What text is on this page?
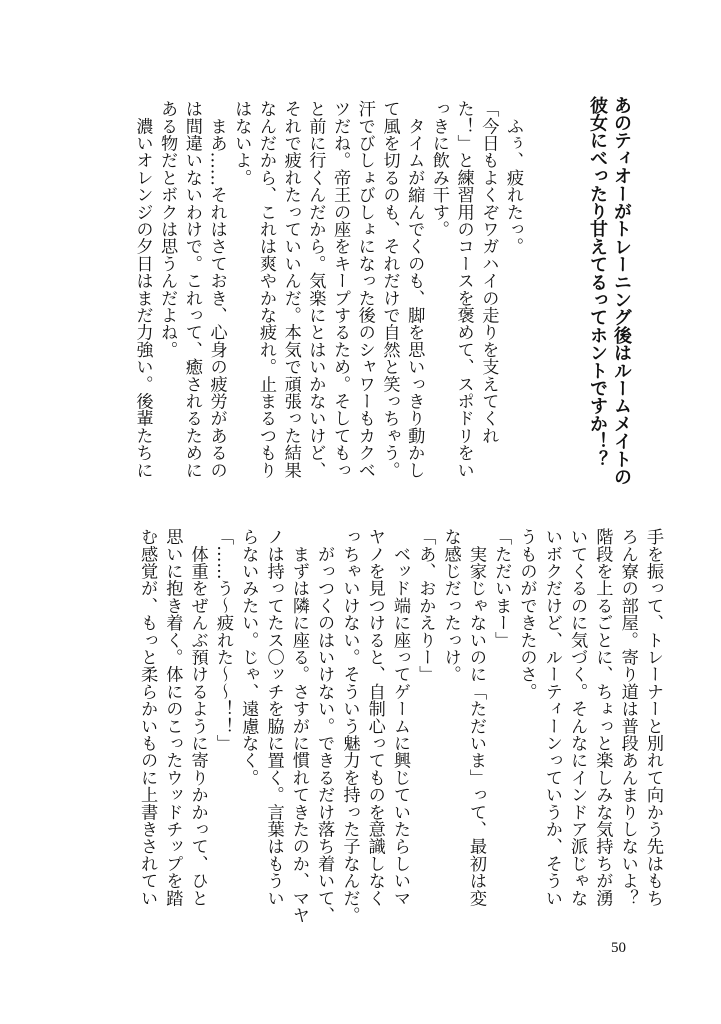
あのティオーがトレーニング後はルームメイトの
彼女にべったり甘えてるってホントですか！？
　ふぅ、疲れたっ。
「今日もよくぞワガハイの走りを支えてくれ
た！」と練習用のコースを褒めて、スポドリをい
っきに飲み干す。
　タイムが縮んでくのも、脚を思いっきり動かし
て風を切るのも、それだけで自然と笑っちゃう。
汗でびしょびしょになった後のシャワーもカクベ
ツだね。帝王の座をキープするため。そしてもっ
と前に行くんだから。気楽にとはいかないけど、
それで疲れたっていいんだ。本気で頑張った結果
なんだから、これは爽やかな疲れ。止まるつもり
はないよ。
　まあ……それはさておき、心身の疲労があるの
は間違いないわけで。これって、癒されるために
ある物だとボクは思うんだよね。
　濃いオレンジの夕日はまだ力強い。後輩たちに
手を振って、トレーナーと別れて向かう先はもち
ろん寮の部屋。寄り道は普段あんまりしないよ？
階段を上るごとに、ちょっと楽しみな気持ちが湧
いてくるのに気づく。そんなにインドア派じゃな
いボクだけど、ルーティーンっていうか、そうい
うものができたのさ。
「ただいまー」
　実家じゃないのに「ただいま」って、最初は変
な感じだったっけ。
「あ、おかえりー」
　ベッド端に座ってゲームに興じていたらしいマ
ヤノを見つけると、自制心ってものを意識しなく
っちゃいけない。そういう魅力を持った子なんだ。
　がっつくのはいけない。できるだけ落ち着いて、
　まずは隣に座る。さすがに慣れてきたのか、マヤ
ノは持ってたス〇ッチを脇に置く。言葉はもうい
らないみたい。じゃ、遠慮なく。
「……う～疲れた～～！！」
　体重をぜんぶ預けるように寄りかかって、ひと
思いに抱き着く。体にのこったウッドチップを踏
む感覚が、もっと柔らかいものに上書きされてい
50
